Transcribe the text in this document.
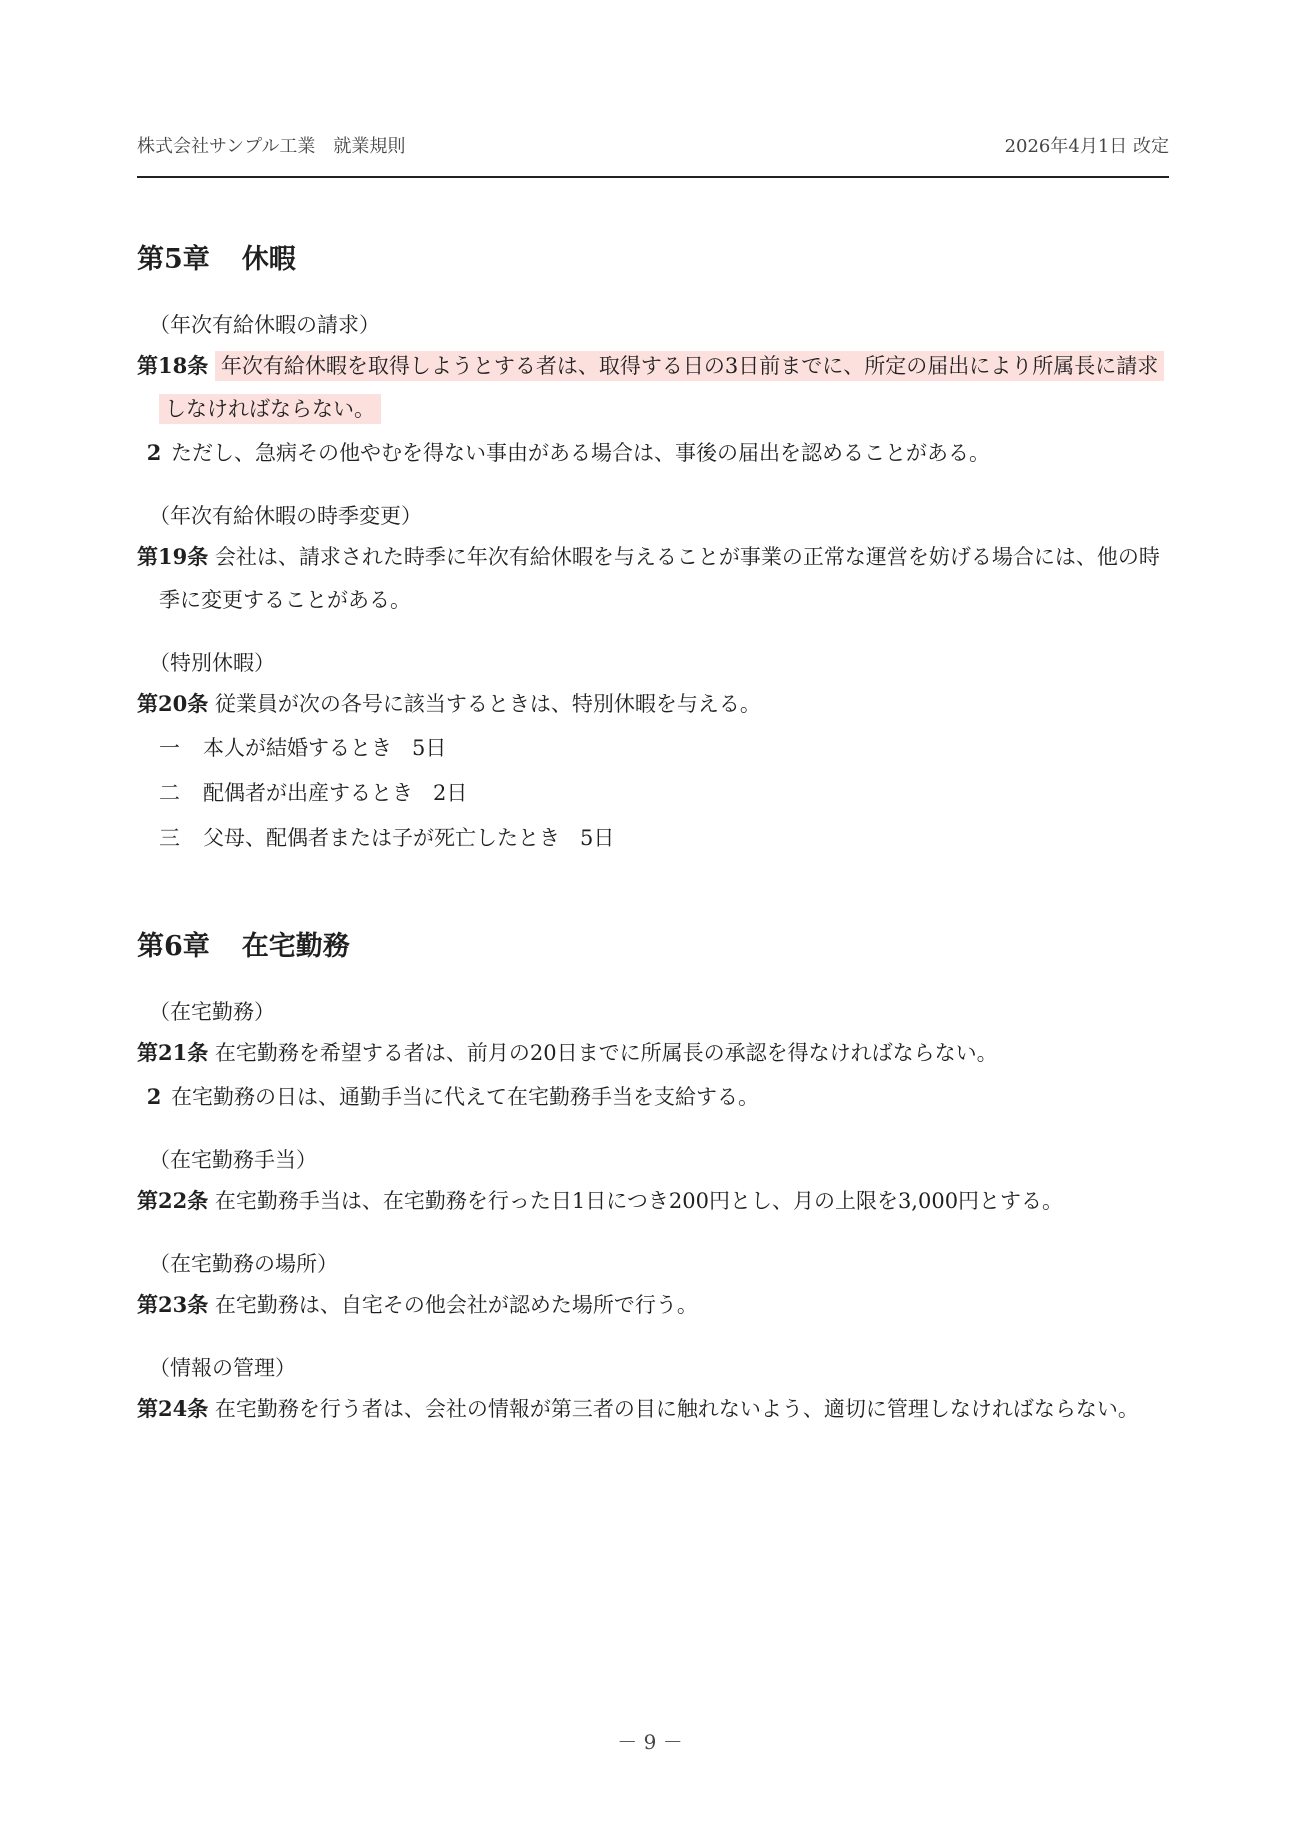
株式会社サンプル工業　就業規則	2026年4月1日 改定
第5章 休暇
（年次有給休暇の請求）
第18条 年次有給休暇を取得しようとする者は、取得する日の3日前までに、所定の届出により所属長に請求しなければならない。
2 ただし、急病その他やむを得ない事由がある場合は、事後の届出を認めることがある。
（年次有給休暇の時季変更）
第19条 会社は、請求された時季に年次有給休暇を与えることが事業の正常な運営を妨げる場合には、他の時季に変更することがある。
（特別休暇）
第20条 従業員が次の各号に該当するときは、特別休暇を与える。
一 本人が結婚するとき 5日
二 配偶者が出産するとき 2日
三 父母、配偶者または子が死亡したとき 5日
第6章 在宅勤務
（在宅勤務）
第21条 在宅勤務を希望する者は、前月の20日までに所属長の承認を得なければならない。
2 在宅勤務の日は、通勤手当に代えて在宅勤務手当を支給する。
（在宅勤務手当）
第22条 在宅勤務手当は、在宅勤務を行った日1日につき200円とし、月の上限を3,000円とする。
（在宅勤務の場所）
第23条 在宅勤務は、自宅その他会社が認めた場所で行う。
（情報の管理）
第24条 在宅勤務を行う者は、会社の情報が第三者の目に触れないよう、適切に管理しなければならない。
－ 9 －
